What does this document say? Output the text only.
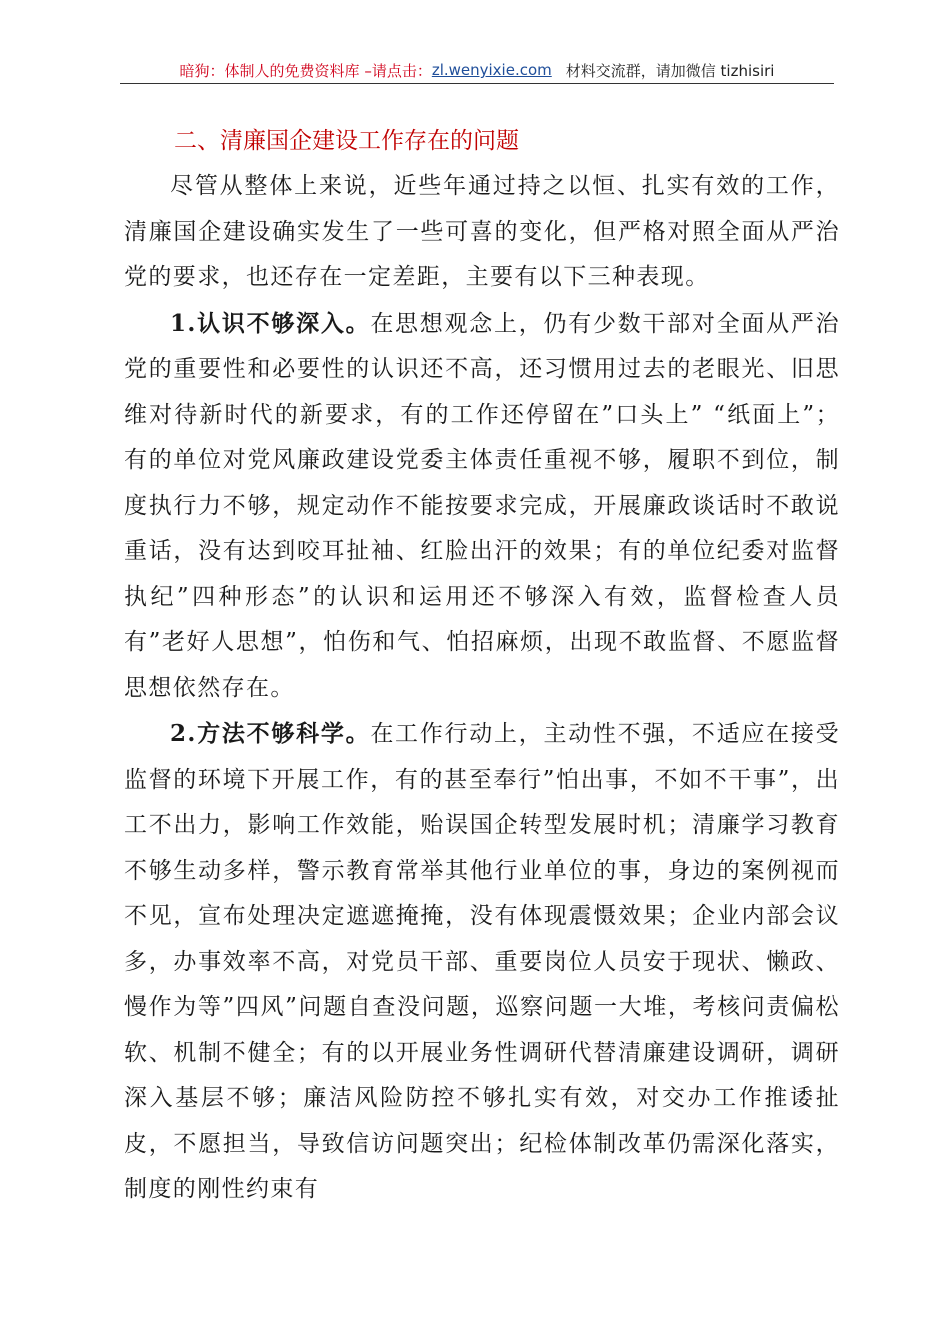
暗狗：体制人的免费资料库 –请点击： zl.wenyixie.com 材料交流群，请加微信 tizhisiri
二、清廉国企建设工作存在的问题

尽管从整体上来说，近些年通过持之以恒、扎实有效的工作，清廉国企建设确实发生了一些可喜的变化，但严格对照全面从严治党的要求，也还存在一定差距，主要有以下三种表现。

1.认识不够深入。在思想观念上，仍有少数干部对全面从严治党的重要性和必要性的认识还不高，还习惯用过去的老眼光、旧思维对待新时代的新要求，有的工作还停留在”口头上” “纸面上”；有的单位对党风廉政建设党委主体责任重视不够，履职不到位，制度执行力不够，规定动作不能按要求完成，开展廉政谈话时不敢说重话，没有达到咬耳扯袖、红脸出汗的效果；有的单位纪委对监督执纪”四种形态”的认识和运用还不够深入有效，监督检查人员有”老好人思想”，怕伤和气、怕招麻烦，出现不敢监督、不愿监督思想依然存在。

2.方法不够科学。在工作行动上，主动性不强，不适应在接受监督的环境下开展工作，有的甚至奉行”怕出事，不如不干事”，出工不出力，影响工作效能，贻误国企转型发展时机；清廉学习教育不够生动多样，警示教育常举其他行业单位的事，身边的案例视而不见，宣布处理决定遮遮掩掩，没有体现震慑效果；企业内部会议多，办事效率不高，对党员干部、重要岗位人员安于现状、懒政、慢作为等”四风”问题自查没问题，巡察问题一大堆，考核问责偏松软、机制不健全；有的以开展业务性调研代替清廉建设调研，调研深入基层不够；廉洁风险防控不够扎实有效，对交办工作推诿扯皮，不愿担当，导致信访问题突出；纪检体制改革仍需深化落实，制度的刚性约束有
